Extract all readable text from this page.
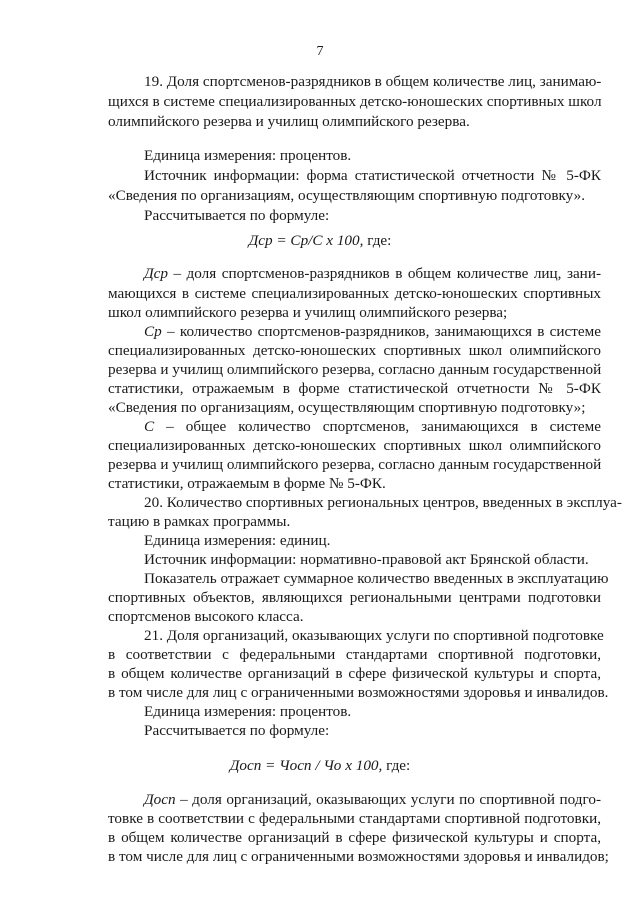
7
19. Доля спортсменов-разрядников в общем количестве лиц, занимаю-
щихся в системе специализированных детско-юношеских спортивных школ
олимпийского резерва и училищ олимпийского резерва.
Единица измерения: процентов.
Источник информации: форма статистической отчетности № 5-ФК
«Сведения по организациям, осуществляющим спортивную подготовку».
Рассчитывается по формуле:
Дср = Ср/С х 100, где:
Дср – доля спортсменов-разрядников в общем количестве лиц, зани-
мающихся в системе специализированных детско-юношеских спортивных
школ олимпийского резерва и училищ олимпийского резерва;
Ср – количество спортсменов-разрядников, занимающихся в системе
специализированных детско-юношеских спортивных школ олимпийского
резерва и училищ олимпийского резерва, согласно данным государственной
статистики, отражаемым в форме статистической отчетности № 5-ФК
«Сведения по организациям, осуществляющим спортивную подготовку»;
С – общее количество спортсменов, занимающихся в системе
специализированных детско-юношеских спортивных школ олимпийского
резерва и училищ олимпийского резерва, согласно данным государственной
статистики, отражаемым в форме № 5-ФК.
20. Количество спортивных региональных центров, введенных в эксплуа-
тацию в рамках программы.
Единица измерения: единиц.
Источник информации: нормативно-правовой акт Брянской области.
Показатель отражает суммарное количество введенных в эксплуатацию
спортивных объектов, являющихся региональными центрами подготовки
спортсменов высокого класса.
21. Доля организаций, оказывающих услуги по спортивной подготовке
в соответствии с федеральными стандартами спортивной подготовки,
в общем количестве организаций в сфере физической культуры и спорта,
в том числе для лиц с ограниченными возможностями здоровья и инвалидов.
Единица измерения: процентов.
Рассчитывается по формуле:
Досп = Чосп / Чо х 100, где:
Досп – доля организаций, оказывающих услуги по спортивной подго-
товке в соответствии с федеральными стандартами спортивной подготовки,
в общем количестве организаций в сфере физической культуры и спорта,
в том числе для лиц с ограниченными возможностями здоровья и инвалидов;
